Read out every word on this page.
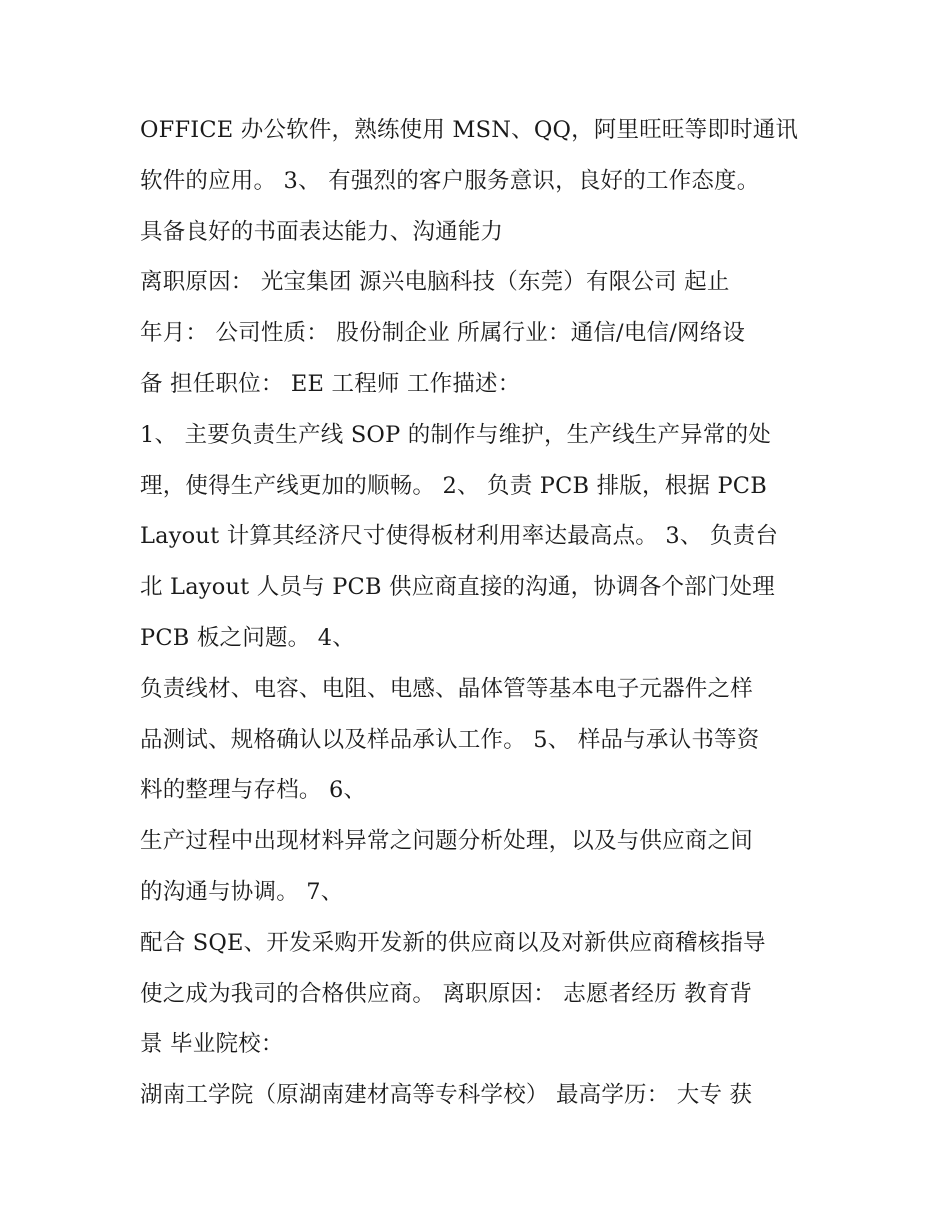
OFFICE 办公软件，熟练使用 MSN、QQ，阿里旺旺等即时通讯
软件的应用。 3、 有强烈的客户服务意识，良好的工作态度。
具备良好的书面表达能力、沟通能力
离职原因： 光宝集团 源兴电脑科技（东莞）有限公司 起止
年月： 公司性质： 股份制企业 所属行业：通信/电信/网络设
备 担任职位： EE 工程师 工作描述：
1、 主要负责生产线 SOP 的制作与维护，生产线生产异常的处
理，使得生产线更加的顺畅。 2、 负责 PCB 排版，根据 PCB
Layout 计算其经济尺寸使得板材利用率达最高点。 3、 负责台
北 Layout 人员与 PCB 供应商直接的沟通，协调各个部门处理
PCB 板之问题。 4、
负责线材、电容、电阻、电感、晶体管等基本电子元器件之样
品测试、规格确认以及样品承认工作。 5、 样品与承认书等资
料的整理与存档。 6、
生产过程中出现材料异常之问题分析处理，以及与供应商之间
的沟通与协调。 7、
配合 SQE、开发采购开发新的供应商以及对新供应商稽核指导
使之成为我司的合格供应商。 离职原因： 志愿者经历 教育背
景 毕业院校：
湖南工学院（原湖南建材高等专科学校） 最高学历： 大专 获
